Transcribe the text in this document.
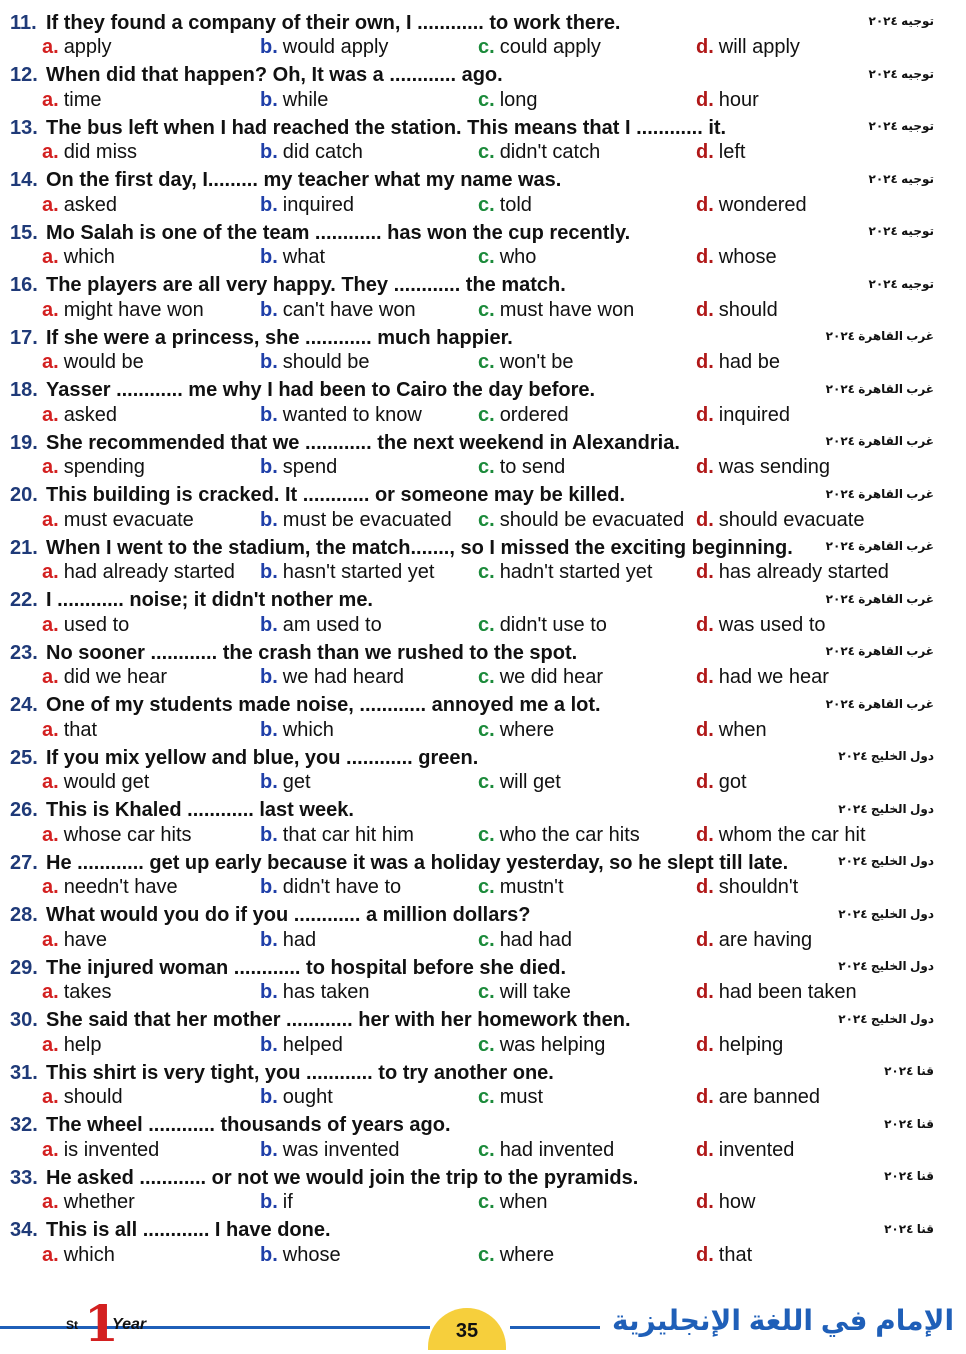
11. If they found a company of their own, I ............ to work there.	توجيه ٢٠٢٤
a. apply	b. would apply	c. could apply	d. will apply
12. When did that happen? Oh, It was a ............ ago.	توجيه ٢٠٢٤
a. time	b. while	c. long	d. hour
13. The bus left when I had reached the station. This means that I ............ it.	توجيه ٢٠٢٤
a. did miss	b. did catch	c. didn't catch	d. left
14. On the first day, I......... my teacher what my name was.	توجيه ٢٠٢٤
a. asked	b. inquired	c. told	d. wondered
15. Mo Salah is one of the team ............ has won the cup recently.	توجيه ٢٠٢٤
a. which	b. what	c. who	d. whose
16. The players are all very happy. They ............ the match.	توجيه ٢٠٢٤
a. might have won	b. can't have won	c. must have won	d. should
17. If she were a princess, she ............ much happier.	غرب القاهرة ٢٠٢٤
a. would be	b. should be	c. won't be	d. had be
18. Yasser ............ me why I had been to Cairo the day before.	غرب القاهرة ٢٠٢٤
a. asked	b. wanted to know	c. ordered	d. inquired
19. She recommended that we ............ the next weekend in Alexandria.	غرب القاهرة ٢٠٢٤
a. spending	b. spend	c. to send	d. was sending
20. This building is cracked. It ............ or someone may be killed.	غرب القاهرة ٢٠٢٤
a. must evacuate	b. must be evacuated c. should be evacuated d. should evacuate
21. When I went to the stadium, the match......., so I missed the exciting beginning.	غرب القاهرة ٢٠٢٤
a. had already started b. hasn't started yet c. hadn't started yet d. has already started
22. I ............ noise; it didn't nother me.	غرب القاهرة ٢٠٢٤
a. used to	b. am used to	c. didn't use to	d. was used to
23. No sooner ............ the crash than we rushed to the spot.	غرب القاهرة ٢٠٢٤
a. did we hear	b. we had heard	c. we did hear	d. had we hear
24. One of my students made noise, ............ annoyed me a lot.	غرب القاهرة ٢٠٢٤
a. that	b. which	c. where	d. when
25. If you mix yellow and blue, you ............ green.	دول الخليج ٢٠٢٤
a. would get	b. get	c. will get	d. got
26. This is Khaled ............ last week.	دول الخليج ٢٠٢٤
a. whose car hits	b. that car hit him	c. who the car hits	d. whom the car hit
27. He ............ get up early because it was a holiday yesterday, so he slept till late.	دول الخليج ٢٠٢٤
a. needn't have	b. didn't have to	c. mustn't	d. shouldn't
28. What would you do if you ............ a million dollars?	دول الخليج ٢٠٢٤
a. have	b. had	c. had had	d. are having
29. The injured woman ............ to hospital before she died.	دول الخليج ٢٠٢٤
a. takes	b. has taken	c. will take	d. had been taken
30. She said that her mother ............ her with her homework then.	دول الخليج ٢٠٢٤
a. help	b. helped	c. was helping	d. helping
31. This shirt is very tight, you ............ to try another one.	قنا ٢٠٢٤
a. should	b. ought	c. must	d. are banned
32. The wheel ............ thousands of years ago.	قنا ٢٠٢٤
a. is invented	b. was invented	c. had invented	d. invented
33. He asked ............ or not we would join the trip to the pyramids.	قنا ٢٠٢٤
a. whether	b. if	c. when	d. how
34. This is all ............ I have done.	قنا ٢٠٢٤
a. which	b. whose	c. where	d. that
St 1
Year	35	الإمام في اللغة الإنجليزية
